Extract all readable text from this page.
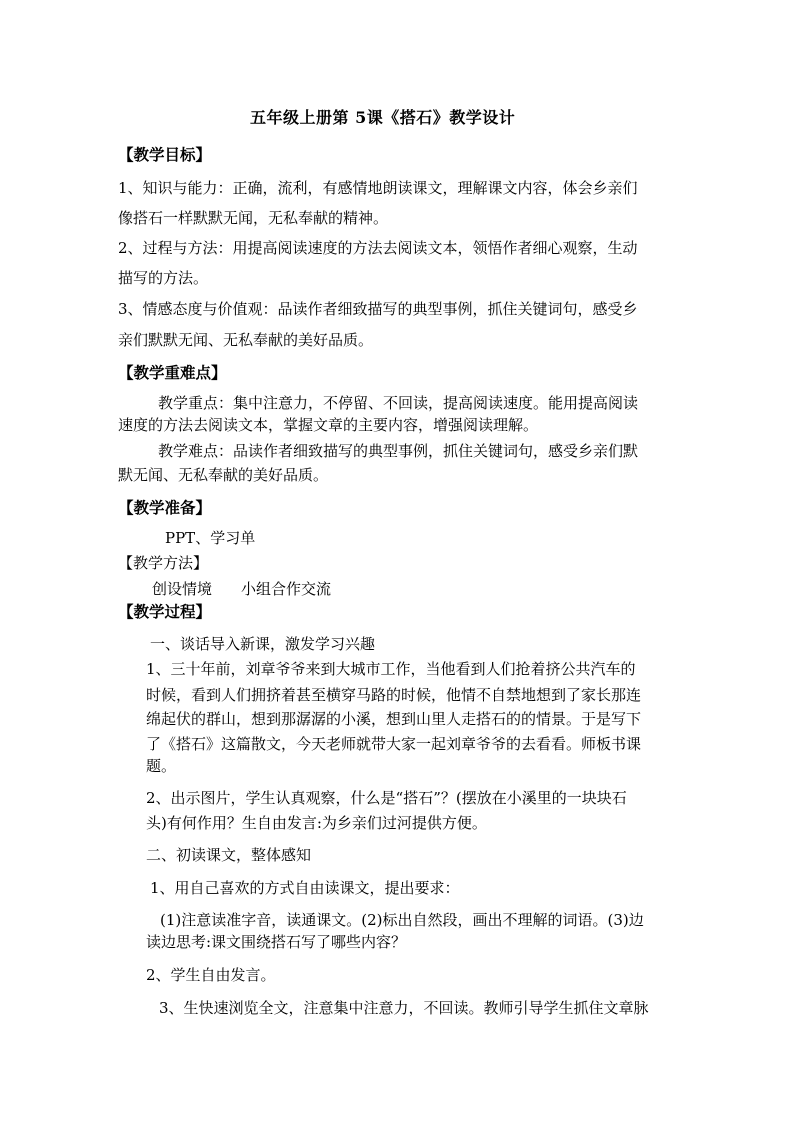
五年级上册第 5课《搭石》教学设计

【教学目标】

1、知识与能力：正确，流利，有感情地朗读课文，理解课文内容，体会乡亲们

像搭石一样默默无闻，无私奉献的精神。

2、过程与方法：用提高阅读速度的方法去阅读文本，领悟作者细心观察，生动

描写的方法。

3、情感态度与价值观：品读作者细致描写的典型事例，抓住关键词句，感受乡

亲们默默无闻、无私奉献的美好品质。

【教学重难点】

教学重点：集中注意力，不停留、不回读，提高阅读速度。能用提高阅读

速度的方法去阅读文本，掌握文章的主要内容，增强阅读理解。

教学难点：品读作者细致描写的典型事例，抓住关键词句，感受乡亲们默

默无闻、无私奉献的美好品质。

【教学准备】

PPT、学习单

【教学方法】

创设情境 小组合作交流

【教学过程】

一、谈话导入新课，激发学习兴趣

1、三十年前，刘章爷爷来到大城市工作，当他看到人们抢着挤公共汽车的

时候，看到人们拥挤着甚至横穿马路的时候，他情不自禁地想到了家长那连

绵起伏的群山，想到那潺潺的小溪，想到山里人走搭石的的情景。于是写下

了《搭石》这篇散文，今天老师就带大家一起刘章爷爷的去看看。师板书课

题。

2、出示图片，学生认真观察，什么是“搭石”？(摆放在小溪里的一块块石

头)有何作用？生自由发言:为乡亲们过河提供方便。

二、初读课文，整体感知

1、用自己喜欢的方式自由读课文，提出要求：

(1)注意读准字音，读通课文。(2)标出自然段，画出不理解的词语。(3)边

读边思考:课文围绕搭石写了哪些内容？

2、学生自由发言。

3、生快速浏览全文，注意集中注意力，不回读。教师引导学生抓住文章脉
